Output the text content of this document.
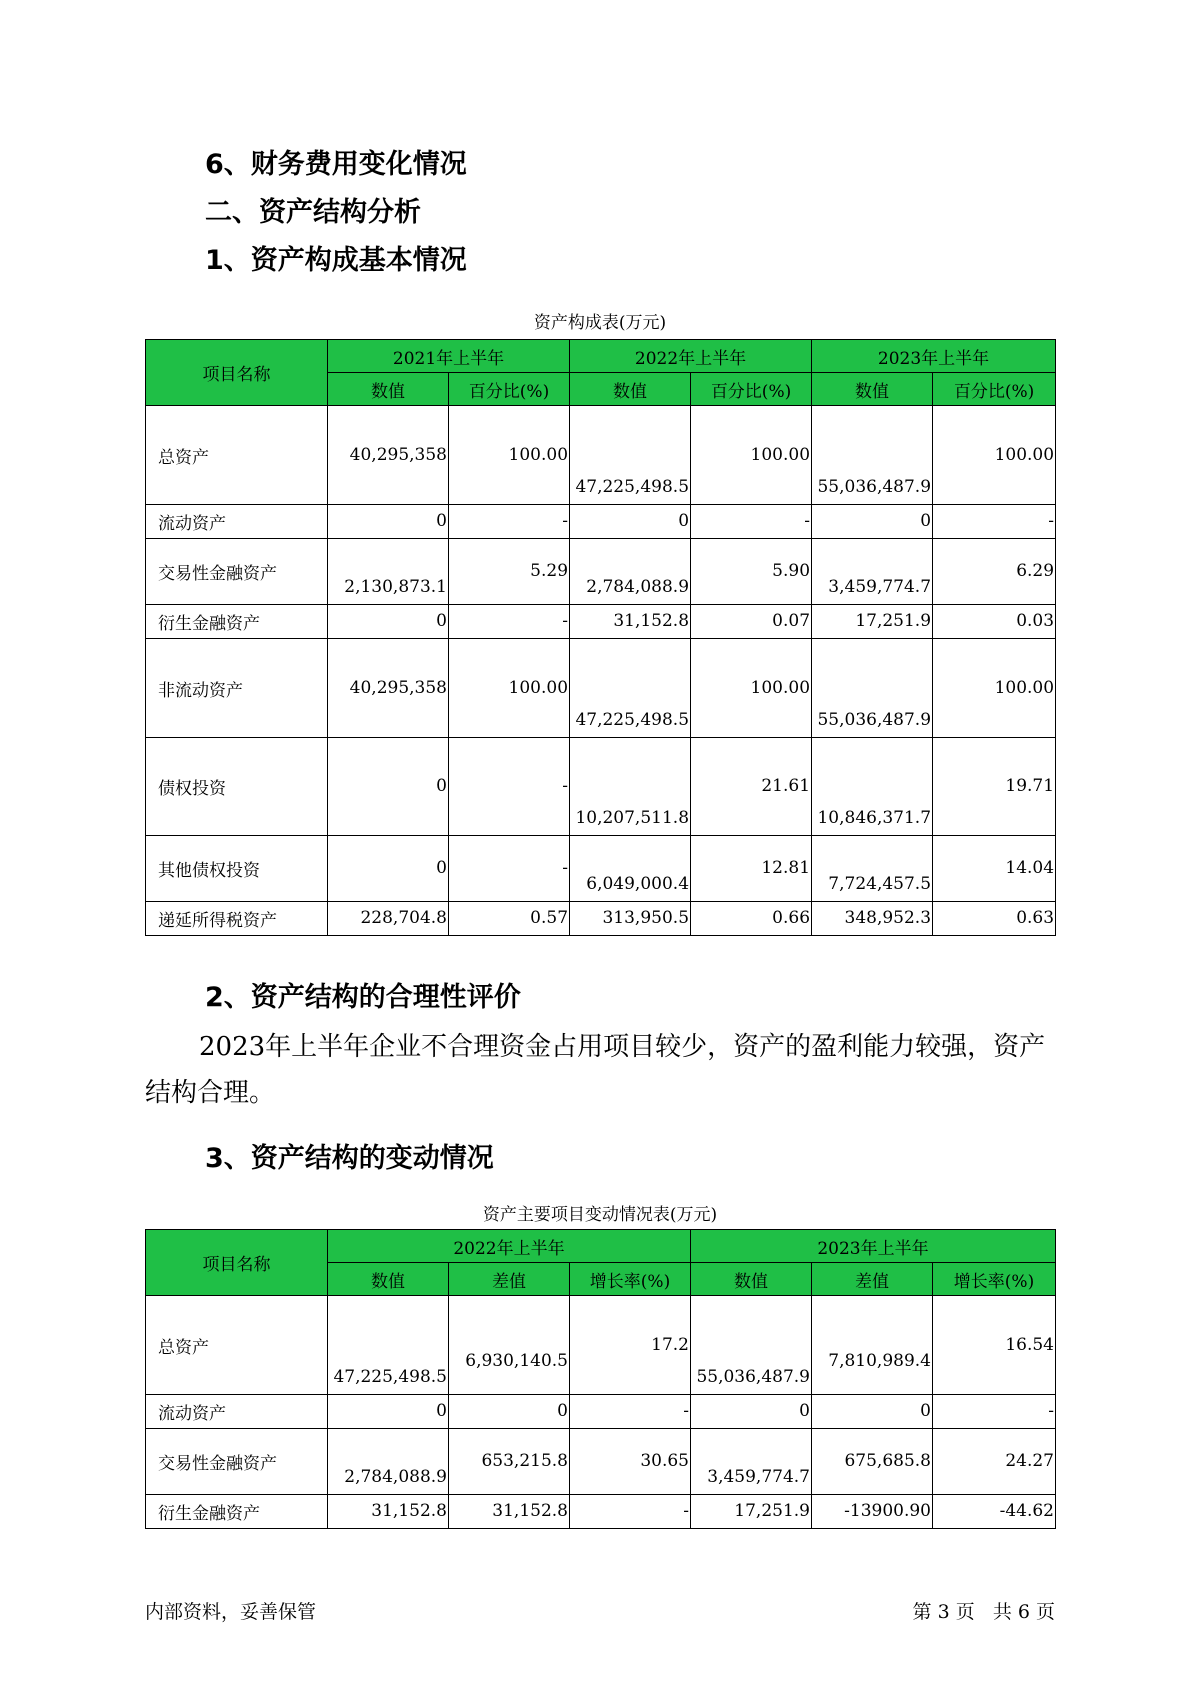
6、财务费用变化情况
二、资产结构分析
1、资产构成基本情况
资产构成表(万元)
项目名称	2021年上半年		2022年上半年		2023年上半年	
	数值	百分比(%)	数值	百分比(%)	数值	百分比(%)
总资产	40,295,358	100.00	47,225,498.5	100.00	55,036,487.9	100.00
流动资产	0	-	0	-	0	-
交易性金融资产	2,130,873.1	5.29	2,784,088.9	5.90	3,459,774.7	6.29
衍生金融资产	0	-	31,152.8	0.07	17,251.9	0.03
非流动资产	40,295,358	100.00	47,225,498.5	100.00	55,036,487.9	100.00
债权投资	0	-	10,207,511.8	21.61	10,846,371.7	19.71
其他债权投资	0	-	6,049,000.4	12.81	7,724,457.5	14.04
递延所得税资产	228,704.8	0.57	313,950.5	0.66	348,952.3	0.63
2、资产结构的合理性评价

2023年上半年企业不合理资金占用项目较少，资产的盈利能力较强，资产结构合理。

3、资产结构的变动情况
资产主要项目变动情况表(万元)
项目名称	2022年上半年			2023年上半年		
	数值	差值	增长率(%)	数值	差值	增长率(%)
总资产	47,225,498.5	6,930,140.5	17.2	55,036,487.9	7,810,989.4	16.54
流动资产	0	0	-	0	0	-
交易性金融资产	2,784,088.9	653,215.8	30.65	3,459,774.7	675,685.8	24.27
衍生金融资产	31,152.8	31,152.8	-	17,251.9	-13900.90	-44.62
内部资料，妥善保管	第 3 页   共 6 页
